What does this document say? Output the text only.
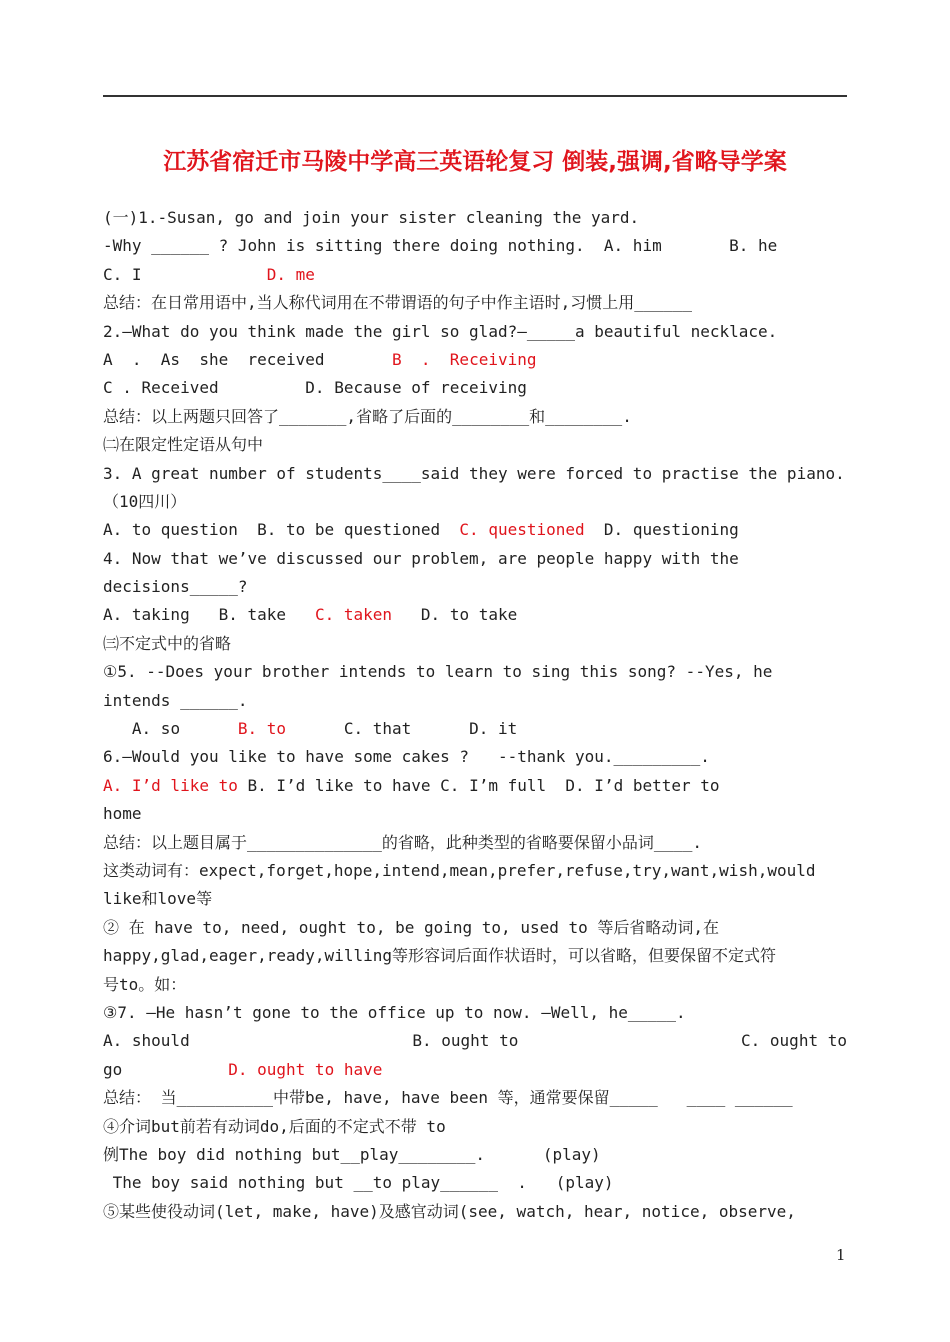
江苏省宿迁市马陵中学高三英语轮复习 倒装,强调,省略导学案
(一)1.-Susan, go and join your sister cleaning the yard.
-Why ______ ? John is sitting there doing nothing. A. him	B. he
C. I	D. me
总结：在日常用语中,当人称代词用在不带谓语的句子中作主语时,习惯上用______
2.—What do you think made the girl so glad?—_____a beautiful necklace.
A  .  As  she  received	B  .  Receiving
C . Received	D. Because of receiving
总结：以上两题只回答了_______,省略了后面的________和________.
㈡在限定性定语从句中
3. A great number of students____said they were forced to practise the piano.
（10四川）
A. to question B. to be questioned C. questioned D. questioning
4. Now that we’ve discussed our problem, are people happy with the
decisions_____?
A. taking B. take C. taken D. to take
㈢不定式中的省略
①5. --Does your brother intends to learn to sing this song? --Yes, he
intends ______.
A. so	B. to	C. that	D. it
6.—Would you like to have some cakes ?   --thank you._________.
A. I’d like to B. I’d like to have C. I’m full D. I’d better to
home
总结：以上题目属于______________的省略，此种类型的省略要保留小品词____.
这类动词有：expect,forget,hope,intend,mean,prefer,refuse,try,want,wish,would
like和love等
② 在 have to, need, ought to, be going to, used to 等后省略动词,在
happy,glad,eager,ready,willing等形容词后面作状语时，可以省略，但要保留不定式符
号to。如：
③7. —He hasn’t gone to the office up to now. —Well, he_____.
A. should	B. ought to	C. ought to
go	D. ought to have
总结： 当__________中带be, have, have been 等，通常要保留_____   ____ ______
④介词but前若有动词do,后面的不定式不带 to
例The boy did nothing but__play________.      (play)
The boy said nothing but __to play______  .   (play)
⑤某些使役动词(let, make, have)及感官动词(see, watch, hear, notice, observe,
1
